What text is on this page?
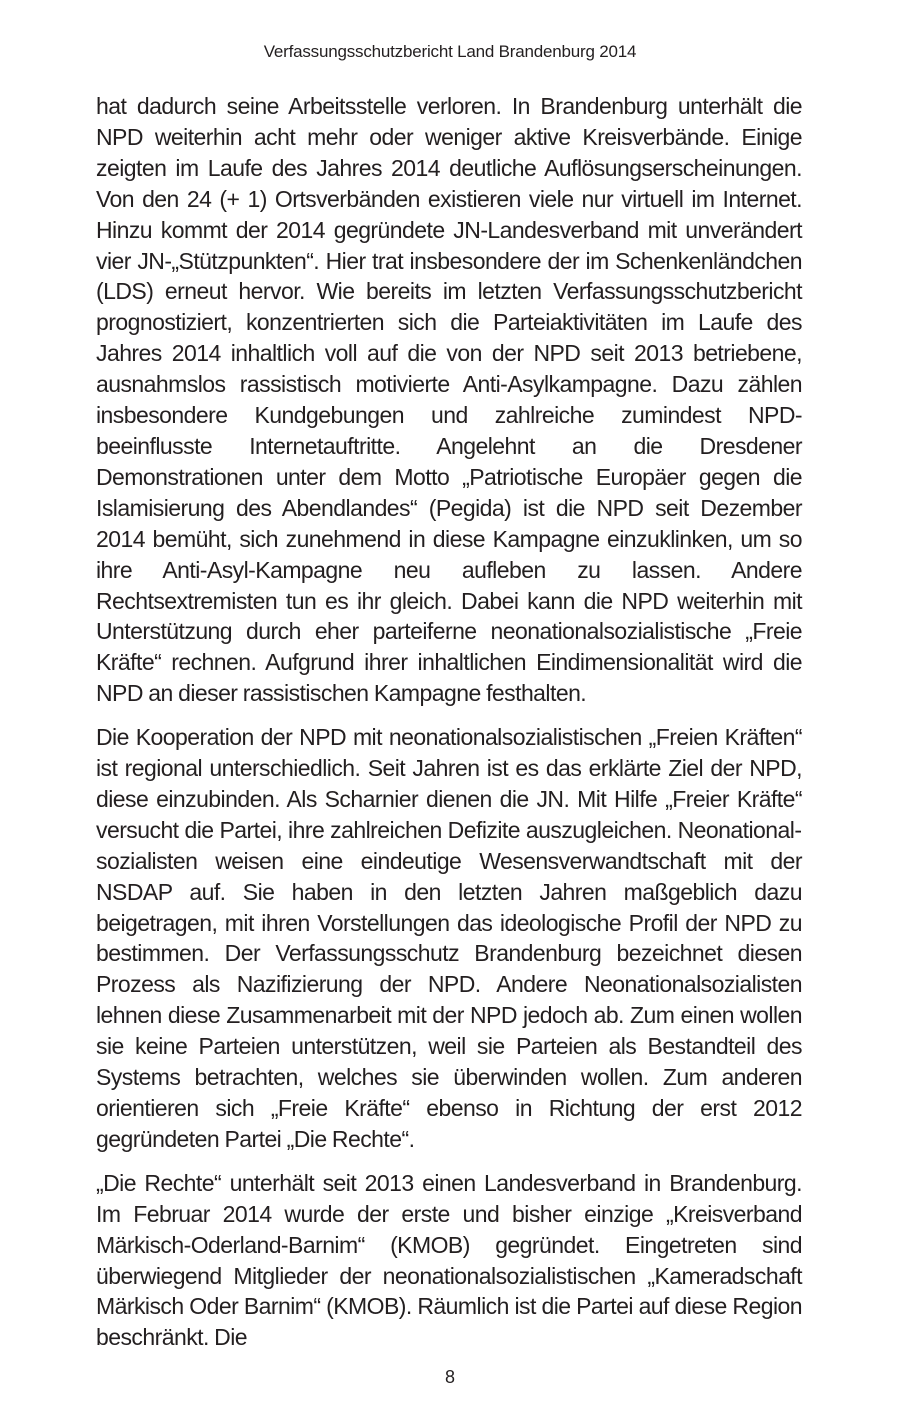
Verfassungsschutzbericht Land Brandenburg 2014

hat dadurch seine Arbeitsstelle verloren. In Brandenburg unterhält die NPD weiterhin acht mehr oder weniger aktive Kreisverbände. Einige zeigten im Laufe des Jahres 2014 deutliche Auflösungserscheinungen. Von den 24 (+ 1) Ortsverbänden existieren viele nur virtuell im Internet. Hinzu kommt der 2014 gegründete JN-Landesverband mit unverändert vier JN-„Stützpunkten“. Hier trat insbesondere der im Schenkenländchen (LDS) erneut hervor. Wie bereits im letzten Verfassungsschutzbericht prognostiziert, konzentrierten sich die Parteiaktivitäten im Laufe des Jahres 2014 inhaltlich voll auf die von der NPD seit 2013 betriebene, ausnahmslos rassistisch motivierte Anti-Asylkampagne. Dazu zählen insbesondere Kundgebungen und zahlreiche zumindest NPD-beeinflusste Internetauftritte. Angelehnt an die Dresdener Demonstrationen unter dem Motto „Patriotische Europäer gegen die Islamisierung des Abendlandes“ (Pegida) ist die NPD seit Dezember 2014 bemüht, sich zunehmend in diese Kampagne einzuklinken, um so ihre Anti-Asyl-Kampagne neu aufleben zu lassen. Andere Rechtsextremisten tun es ihr gleich. Dabei kann die NPD weiterhin mit Unterstützung durch eher parteiferne neonationalsozialistische „Freie Kräfte“ rechnen. Aufgrund ihrer inhaltlichen Eindimensionalität wird die NPD an dieser rassistischen Kampagne festhalten.

Die Kooperation der NPD mit neonationalsozialistischen „Freien Kräften“ ist regional unterschiedlich. Seit Jahren ist es das erklärte Ziel der NPD, diese einzubinden. Als Scharnier dienen die JN. Mit Hilfe „Freier Kräfte“ versucht die Partei, ihre zahlreichen Defizite auszugleichen. Neonationalsozialisten weisen eine eindeutige Wesensverwandtschaft mit der NSDAP auf. Sie haben in den letzten Jahren maßgeblich dazu beigetragen, mit ihren Vorstellungen das ideologische Profil der NPD zu bestimmen. Der Verfassungsschutz Brandenburg bezeichnet diesen Prozess als Nazifizierung der NPD. Andere Neonationalsozialisten lehnen diese Zusammenarbeit mit der NPD jedoch ab. Zum einen wollen sie keine Parteien unterstützen, weil sie Parteien als Bestandteil des Systems betrachten, welches sie überwinden wollen. Zum anderen orientieren sich „Freie Kräfte“ ebenso in Richtung der erst 2012 gegründeten Partei „Die Rechte“.

„Die Rechte“ unterhält seit 2013 einen Landesverband in Brandenburg. Im Februar 2014 wurde der erste und bisher einzige „Kreisverband Märkisch-Oderland-Barnim“ (KMOB) gegründet. Eingetreten sind überwiegend Mitglieder der neonationalsozialistischen „Kameradschaft Märkisch Oder Barnim“ (KMOB). Räumlich ist die Partei auf diese Region beschränkt. Die

8
